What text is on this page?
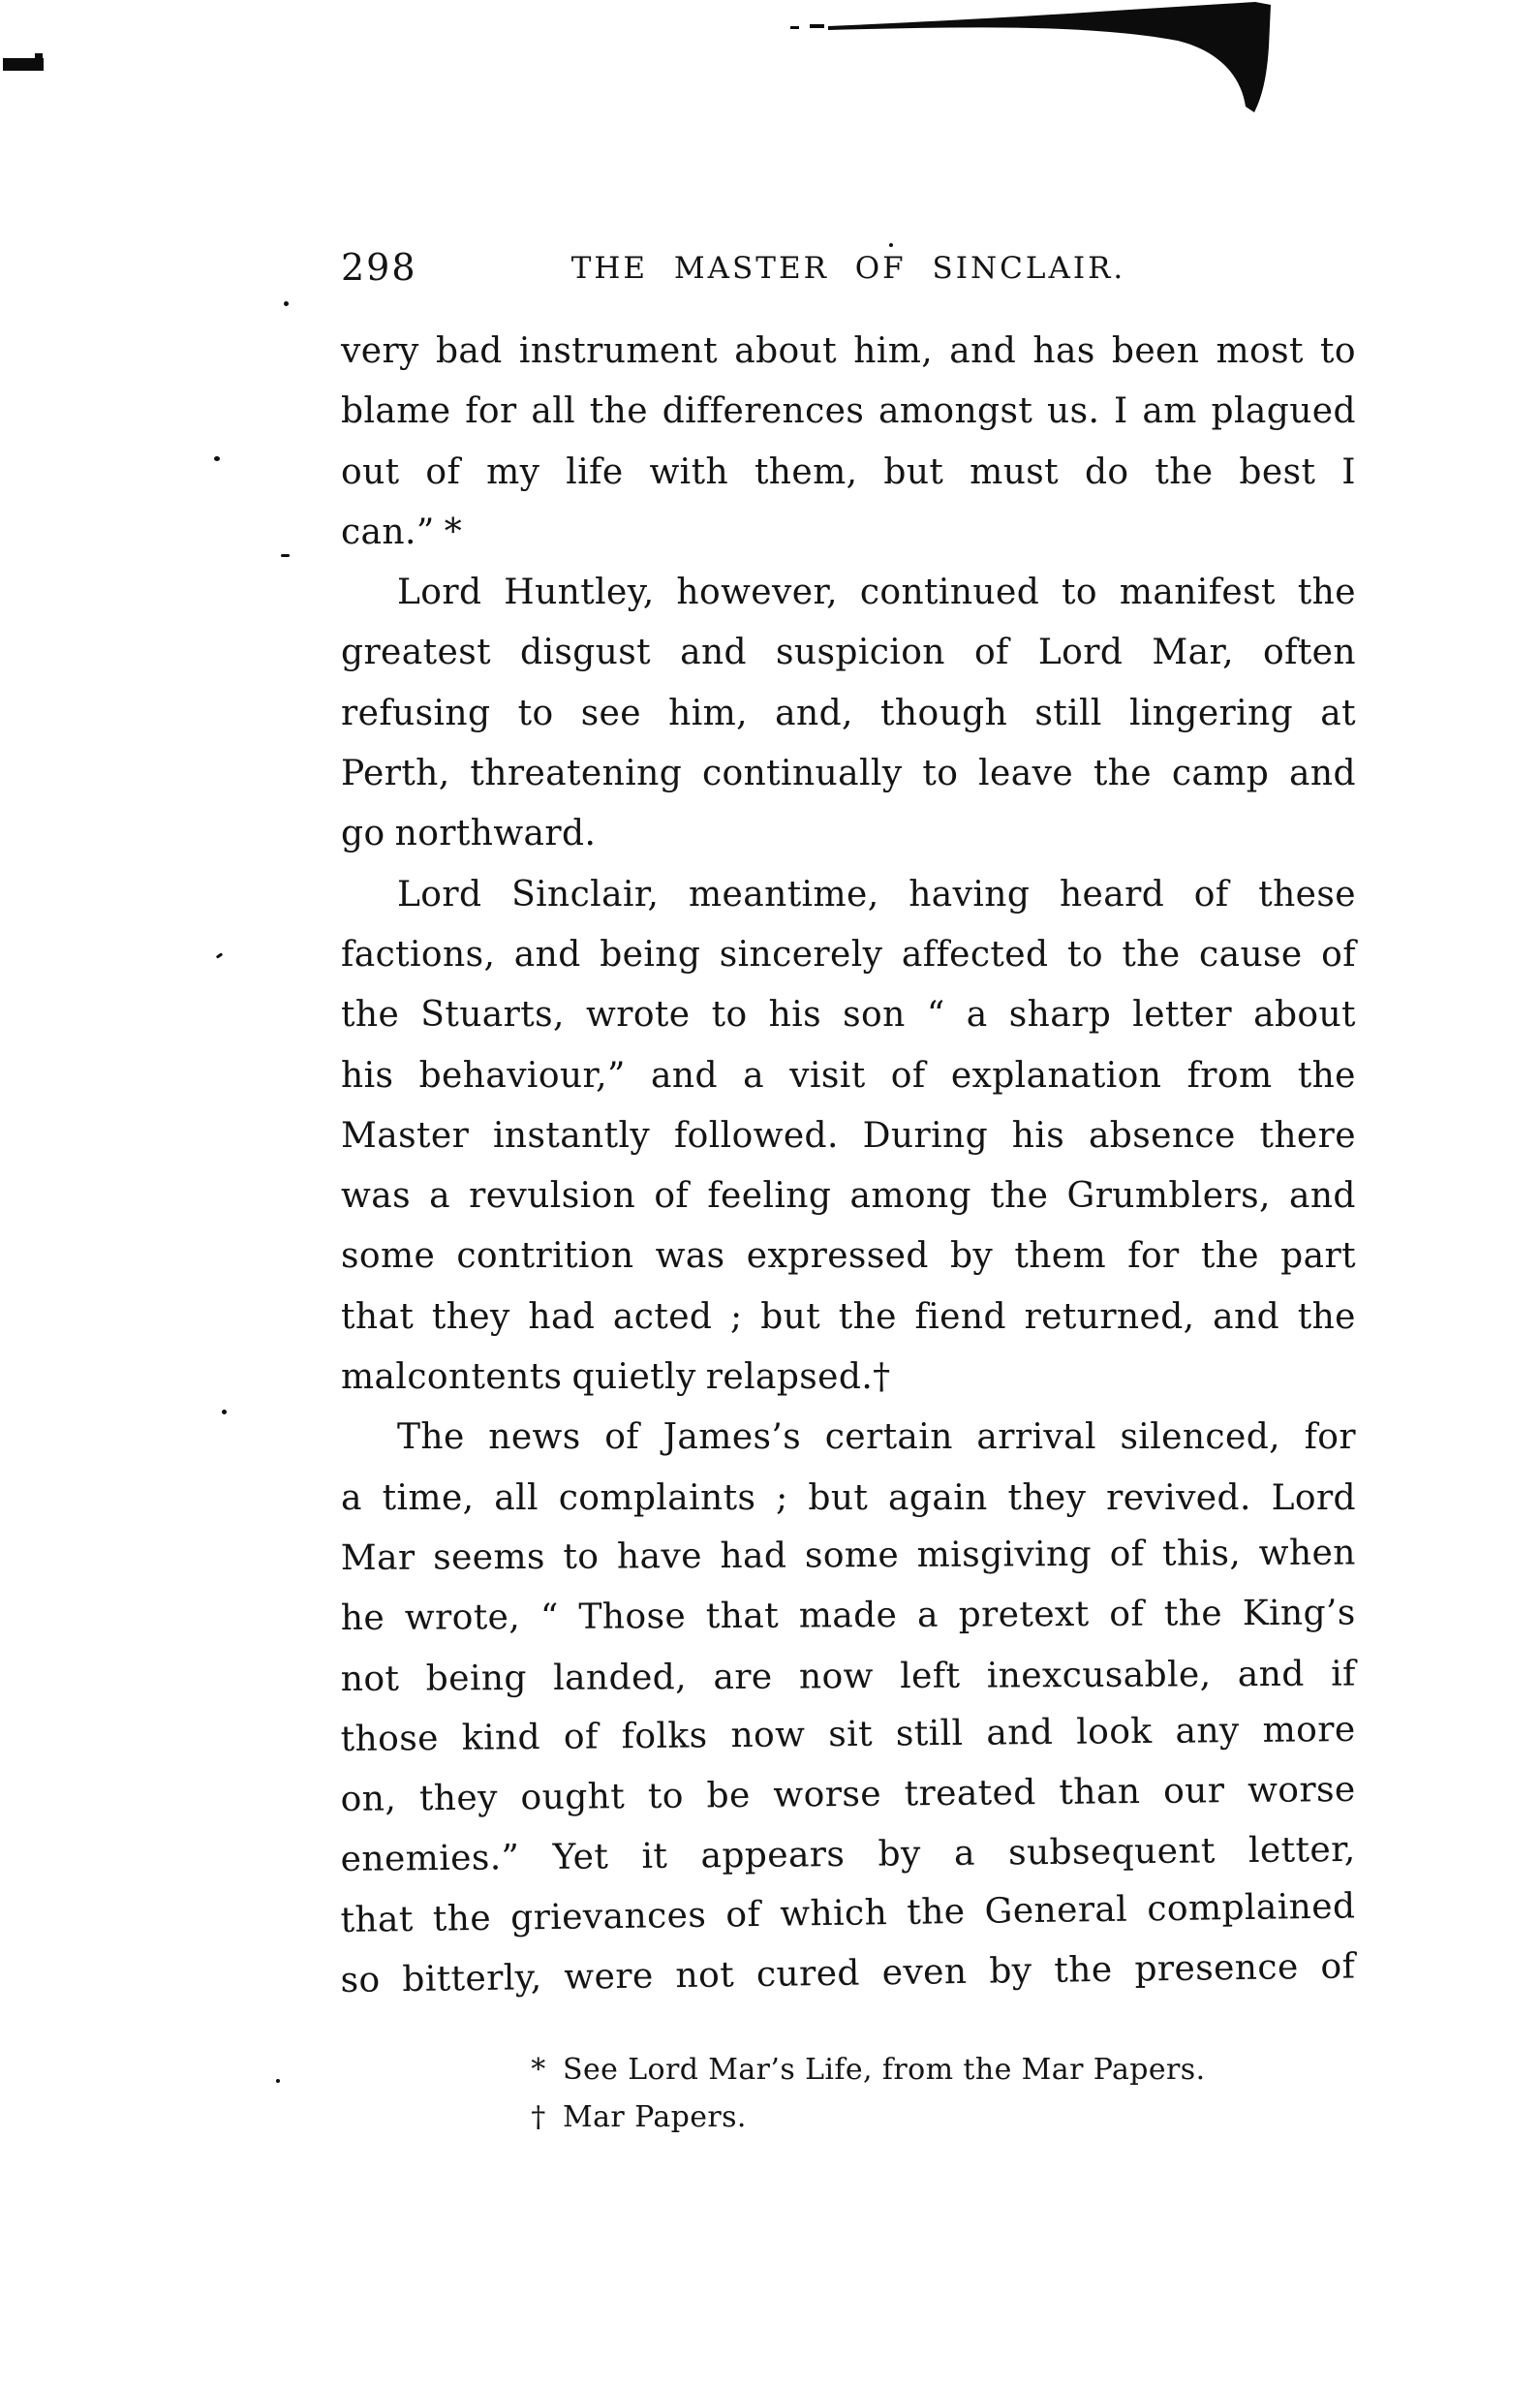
298	THE MASTER OF SINCLAIR.
very bad instrument about him, and has been most to
blame for all the differences amongst us. I am plagued
out of my life with them, but must do the best I
can.” *
Lord Huntley, however, continued to manifest the
greatest disgust and suspicion of Lord Mar, often
refusing to see him, and, though still lingering at
Perth, threatening continually to leave the camp and
go northward.
Lord Sinclair, meantime, having heard of these
factions, and being sincerely affected to the cause of
the Stuarts, wrote to his son “ a sharp letter about
his behaviour,” and a visit of explanation from the
Master instantly followed. During his absence there
was a revulsion of feeling among the Grumblers, and
some contrition was expressed by them for the part
that they had acted ; but the fiend returned, and the
malcontents quietly relapsed.†
The news of James’s certain arrival silenced, for
a time, all complaints ; but again they revived. Lord
Mar seems to have had some misgiving of this, when
he wrote, “ Those that made a pretext of the King’s
not being landed, are now left inexcusable, and if
those kind of folks now sit still and look any more
on, they ought to be worse treated than our worse
enemies.” Yet it appears by a subsequent letter,
that the grievances of which the General complained
so bitterly, were not cured even by the presence of
* See Lord Mar’s Life, from the Mar Papers.
† Mar Papers.
